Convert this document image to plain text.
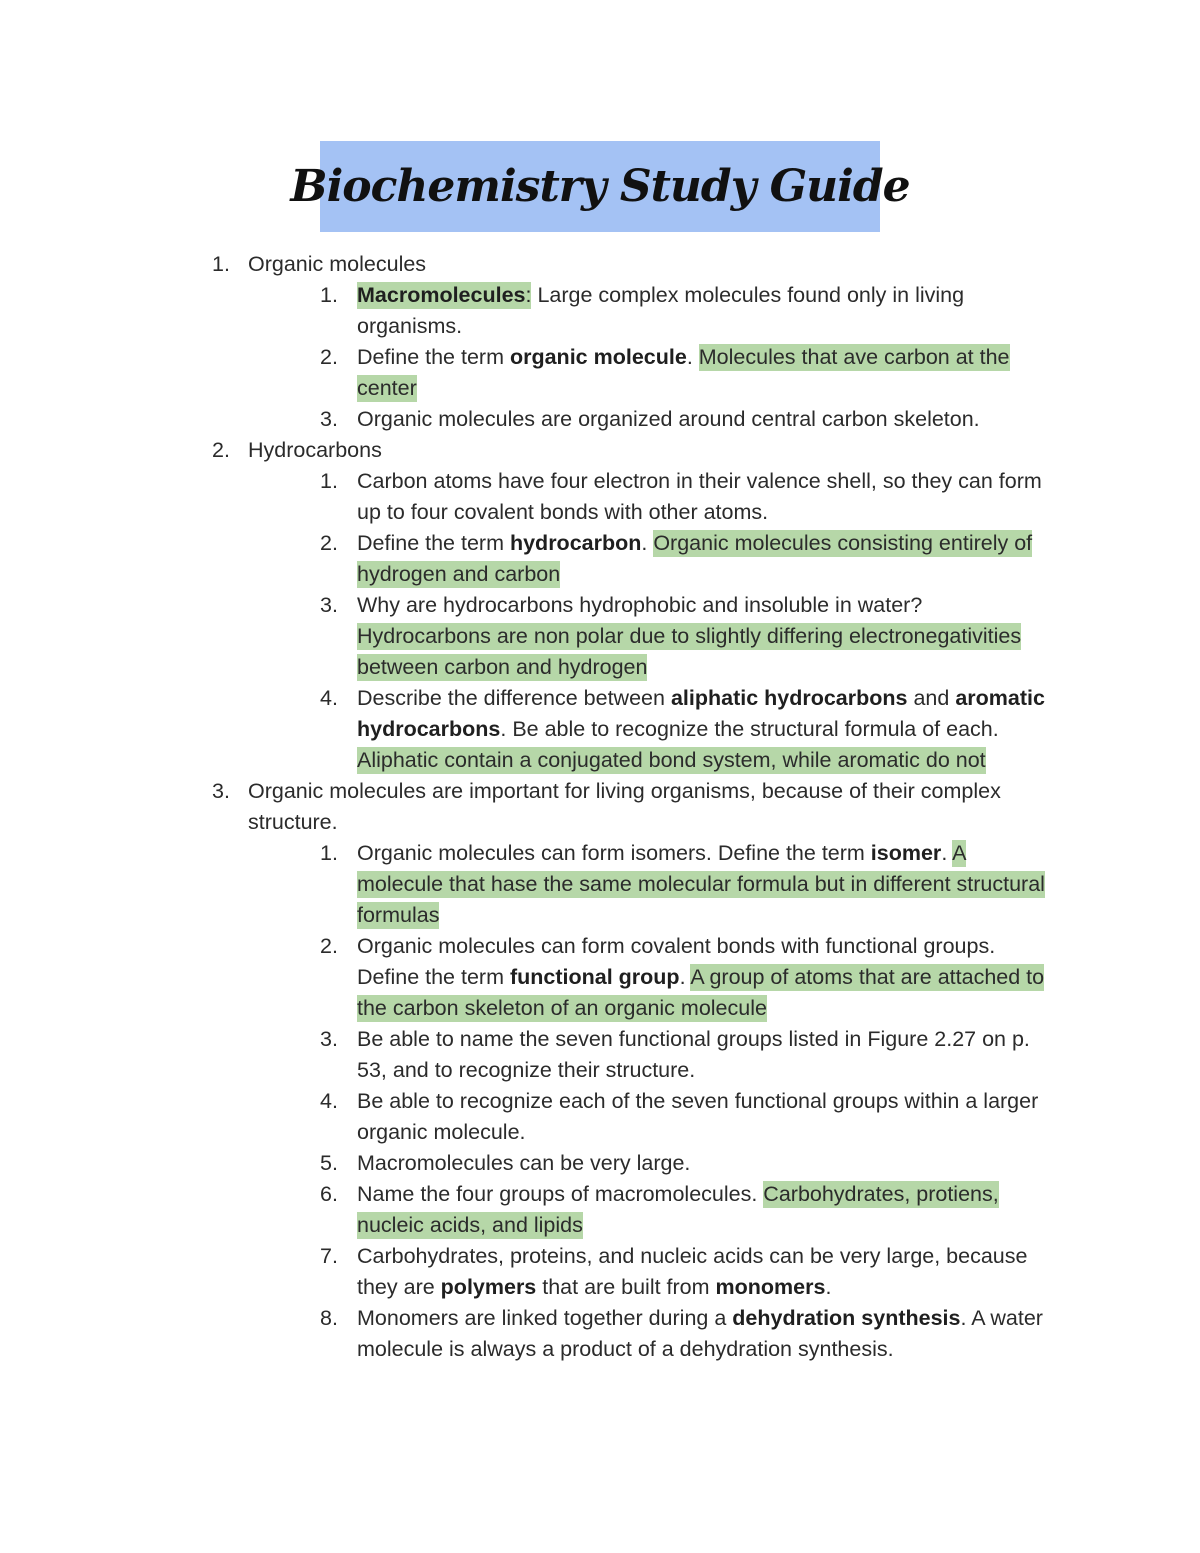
Biochemistry Study Guide
1. Organic molecules
1. Macromolecules: Large complex molecules found only in living organisms.
2. Define the term organic molecule. Molecules that ave carbon at the center
3. Organic molecules are organized around central carbon skeleton.
2. Hydrocarbons
1. Carbon atoms have four electron in their valence shell, so they can form up to four covalent bonds with other atoms.
2. Define the term hydrocarbon. Organic molecules consisting entirely of hydrogen and carbon
3. Why are hydrocarbons hydrophobic and insoluble in water? Hydrocarbons are non polar due to slightly differing electronegativities between carbon and hydrogen
4. Describe the difference between aliphatic hydrocarbons and aromatic hydrocarbons. Be able to recognize the structural formula of each. Aliphatic contain a conjugated bond system, while aromatic do not
3. Organic molecules are important for living organisms, because of their complex structure.
1. Organic molecules can form isomers. Define the term isomer. A molecule that hase the same molecular formula but in different structural formulas
2. Organic molecules can form covalent bonds with functional groups. Define the term functional group. A group of atoms that are attached to the carbon skeleton of an organic molecule
3. Be able to name the seven functional groups listed in Figure 2.27 on p. 53, and to recognize their structure.
4. Be able to recognize each of the seven functional groups within a larger organic molecule.
5. Macromolecules can be very large.
6. Name the four groups of macromolecules. Carbohydrates, protiens, nucleic acids, and lipids
7. Carbohydrates, proteins, and nucleic acids can be very large, because they are polymers that are built from monomers.
8. Monomers are linked together during a dehydration synthesis. A water molecule is always a product of a dehydration synthesis.
